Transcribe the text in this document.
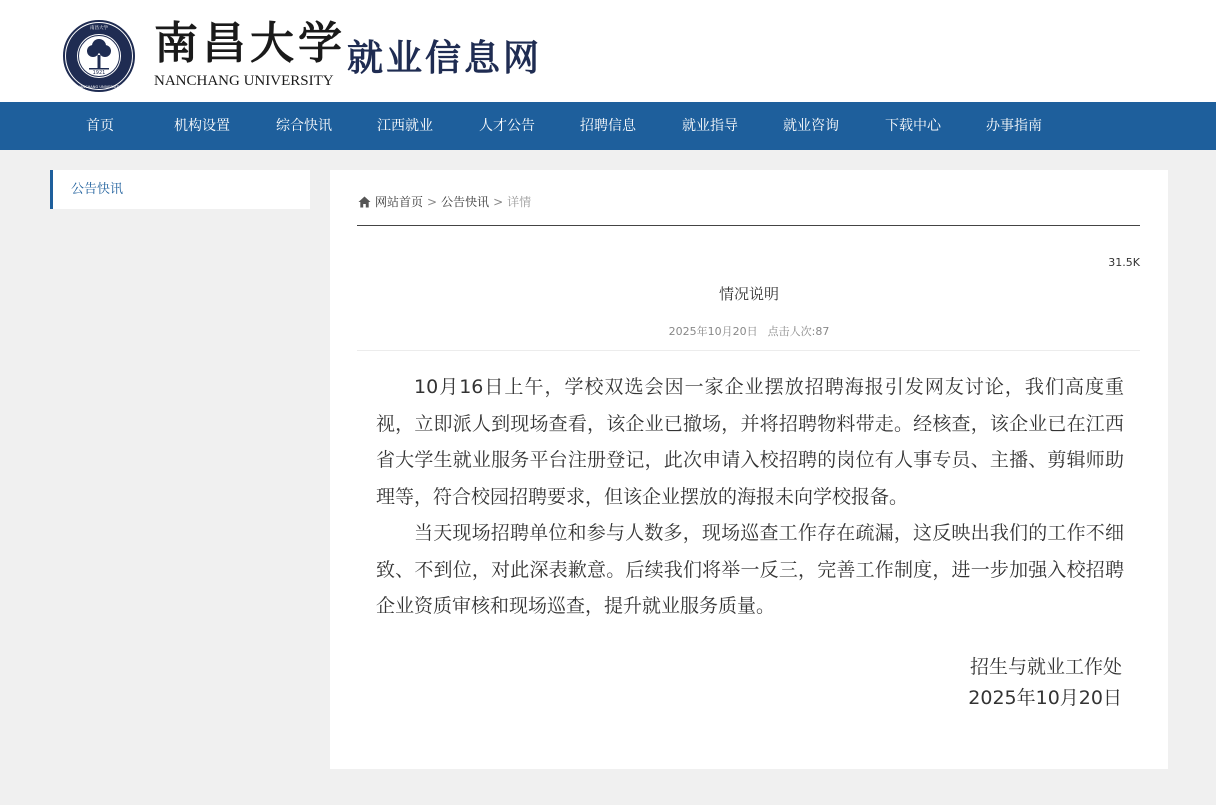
1921
南昌大学
NANCHANG UNIVERSITY
南昌大学
NANCHANG UNIVERSITY
就业信息网
首页	机构设置	综合快讯	江西就业	人才公告	招聘信息	就业指导	就业咨询	下载中心	办事指南
公告快讯
网站首页 > 公告快讯 > 详情
31.5K
情况说明
2025年10月20日 点击人次:87

10月16日上午，学校双选会因一家企业摆放招聘海报引发网友讨论，我们高度重视，立即派人到现场查看，该企业已撤场，并将招聘物料带走。经核查，该企业已在江西省大学生就业服务平台注册登记，此次申请入校招聘的岗位有人事专员、主播、剪辑师助理等，符合校园招聘要求，但该企业摆放的海报未向学校报备。

当天现场招聘单位和参与人数多，现场巡查工作存在疏漏，这反映出我们的工作不细致、不到位，对此深表歉意。后续我们将举一反三，完善工作制度，进一步加强入校招聘企业资质审核和现场巡查，提升就业服务质量。

招生与就业工作处
2025年10月20日
